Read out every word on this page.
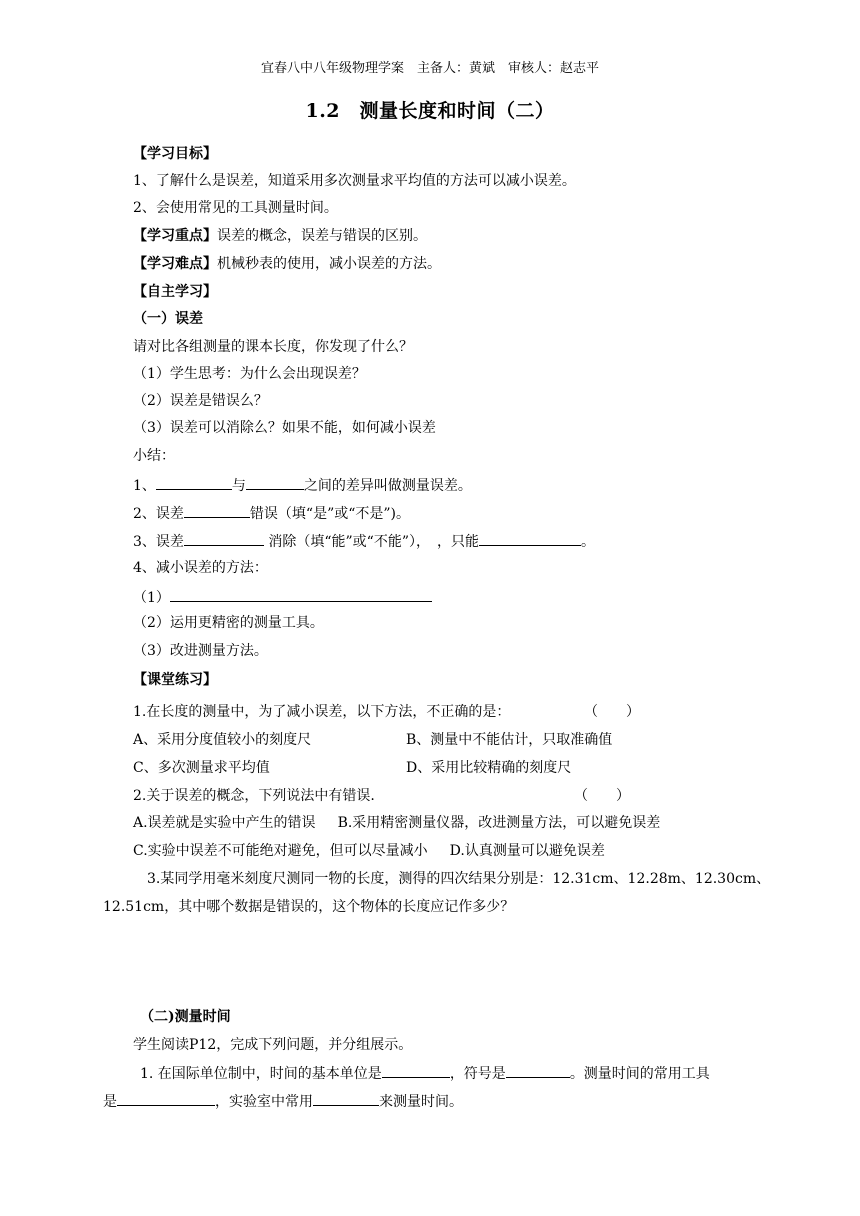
宜春八中八年级物理学案　主备人：黄斌　审核人：赵志平
1.2　测量长度和时间（二）
【学习目标】
1、了解什么是误差，知道采用多次测量求平均值的方法可以减小误差。
2、会使用常见的工具测量时间。
【学习重点】误差的概念，误差与错误的区别。
【学习难点】机械秒表的使用，减小误差的方法。
【自主学习】
（一）误差
请对比各组测量的课本长度，你发现了什么？
（1）学生思考：为什么会出现误差？
（2）误差是错误么？
（3）误差可以消除么？如果不能，如何减小误差
小结：
1、	与	之间的差异叫做测量误差。
2、误差	错误（填“是”或“不是”)。
3、误差	消除（填“能”或“不能”），　，只能	。
4、减小误差的方法：
（1）
（2）运用更精密的测量工具。
（3）改进测量方法。
【课堂练习】
1.在长度的测量中，为了减小误差，以下方法，不正确的是：	（　　）
A、采用分度值较小的刻度尺	B、测量中不能估计，只取准确值
C、多次测量求平均值	D、采用比较精确的刻度尺
2.关于误差的概念，下列说法中有错误.	（　　）
A.误差就是实验中产生的错误 B.采用精密测量仪器，改进测量方法，可以避免误差
C.实验中误差不可能绝对避免，但可以尽量减小 D.认真测量可以避免误差
3.某同学用毫米刻度尺测同一物的长度，测得的四次结果分别是：12.31cm、12.28m、12.30cm、
12.51cm，其中哪个数据是错误的，这个物体的长度应记作多少？
（二)测量时间
学生阅读P12，完成下列问题，并分组展示。
1. 在国际单位制中，时间的基本单位是	，符号是	。测量时间的常用工具
是	，实验室中常用	来测量时间。
